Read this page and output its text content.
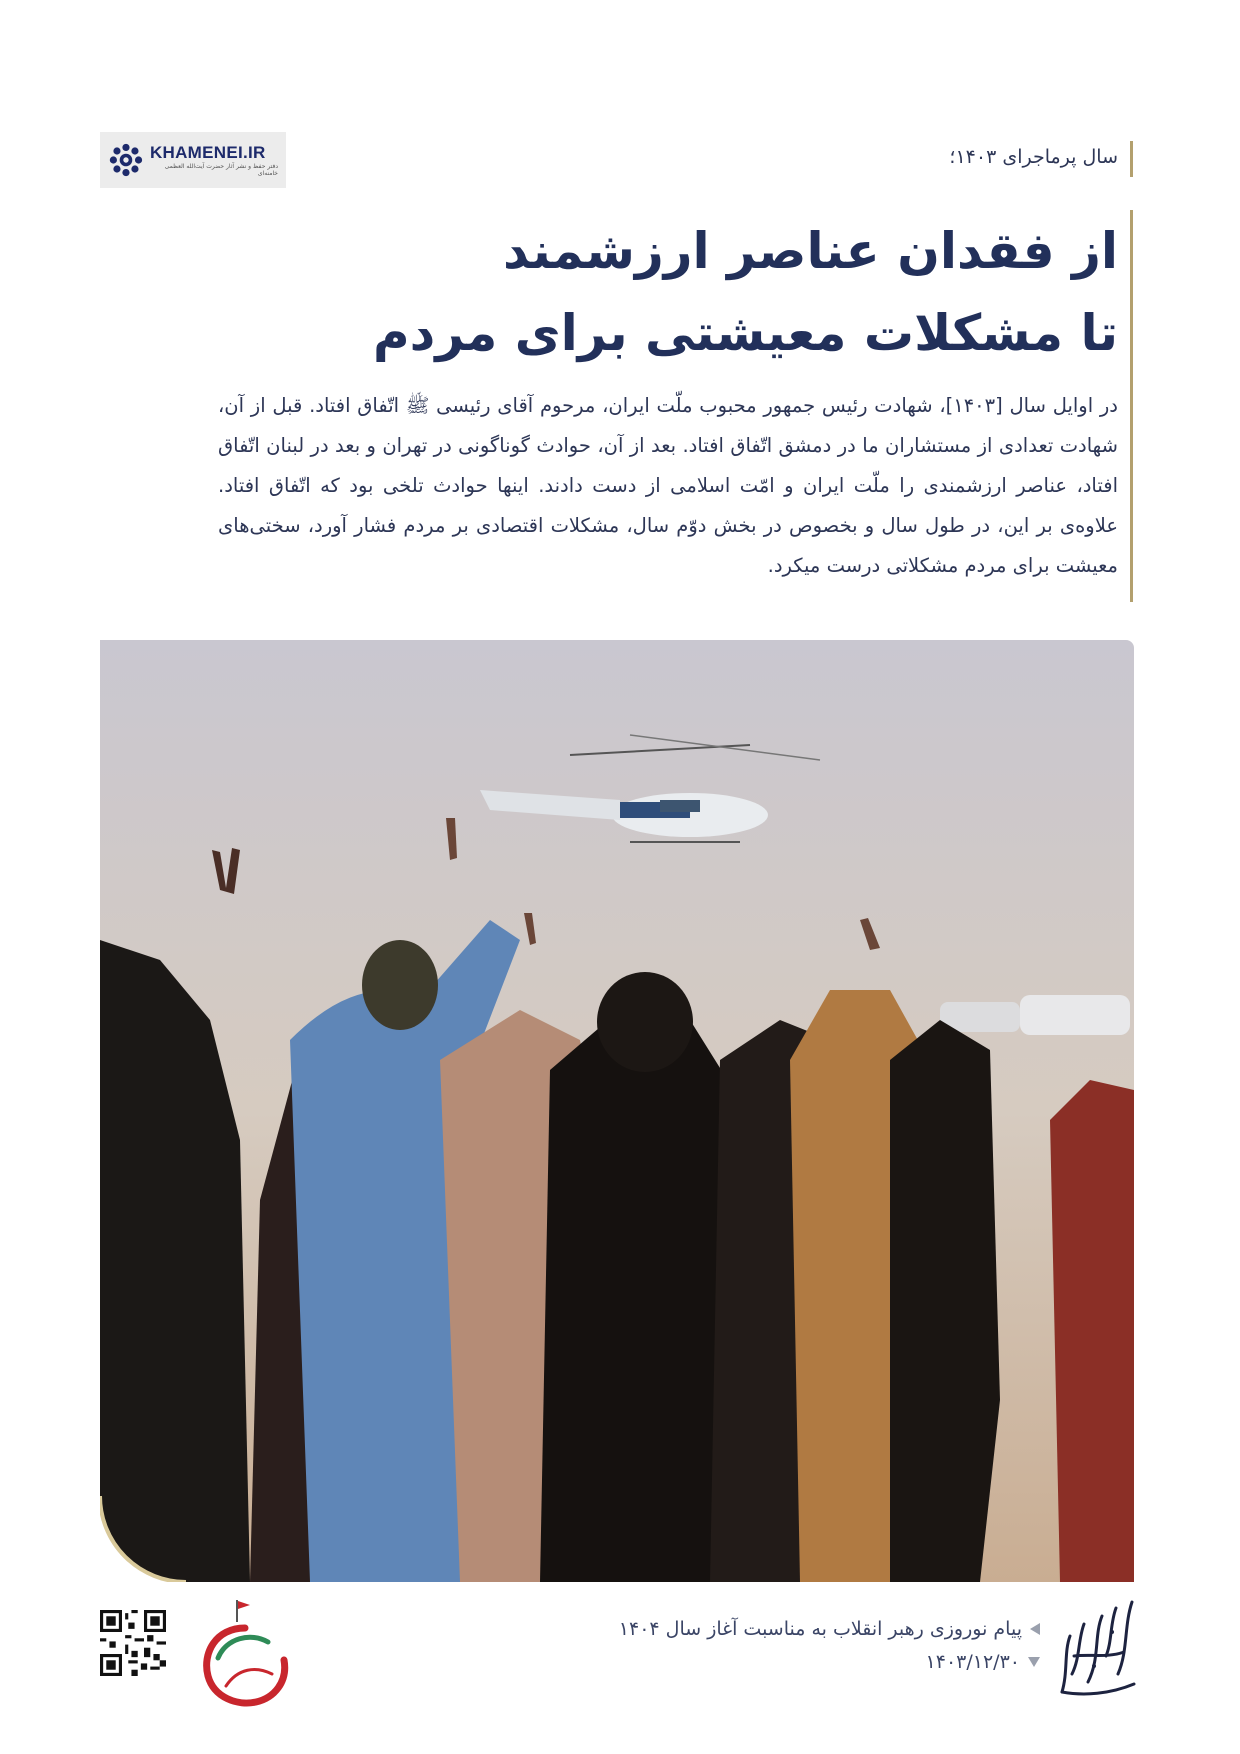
KHAMENEI.IR
دفتر حفظ و نشر آثار حضرت آیت‌الله العظمی خامنه‌ای
سال پرماجرای ۱۴۰۳؛
از فقدان عناصر ارزشمند
تا مشکلات معیشتی برای مردم

در اوایل سال [۱۴۰۳]، شهادت رئیس جمهور محبوب ملّت ایران، مرحوم آقای رئیسی ﷺ اتّفاق افتاد. قبل از آن، شهادت تعدادی از مستشاران ما در دمشق اتّفاق افتاد. بعد از آن، حوادث گوناگونی در تهران و بعد در لبنان اتّفاق افتاد، عناصر ارزشمندی را ملّت ایران و امّت اسلامی از دست دادند. اینها حوادث تلخی بود که اتّفاق افتاد. علاوه‌ی بر این، در طول سال و بخصوص در بخش دوّم سال، مشکلات اقتصادی بر مردم فشار آورد، سختی‌های معیشت برای مردم مشکلاتی درست میکرد.

پیام نوروزی رهبر انقلاب به مناسبت آغاز سال ۱۴۰۴
۱۴۰۳/۱۲/۳۰
